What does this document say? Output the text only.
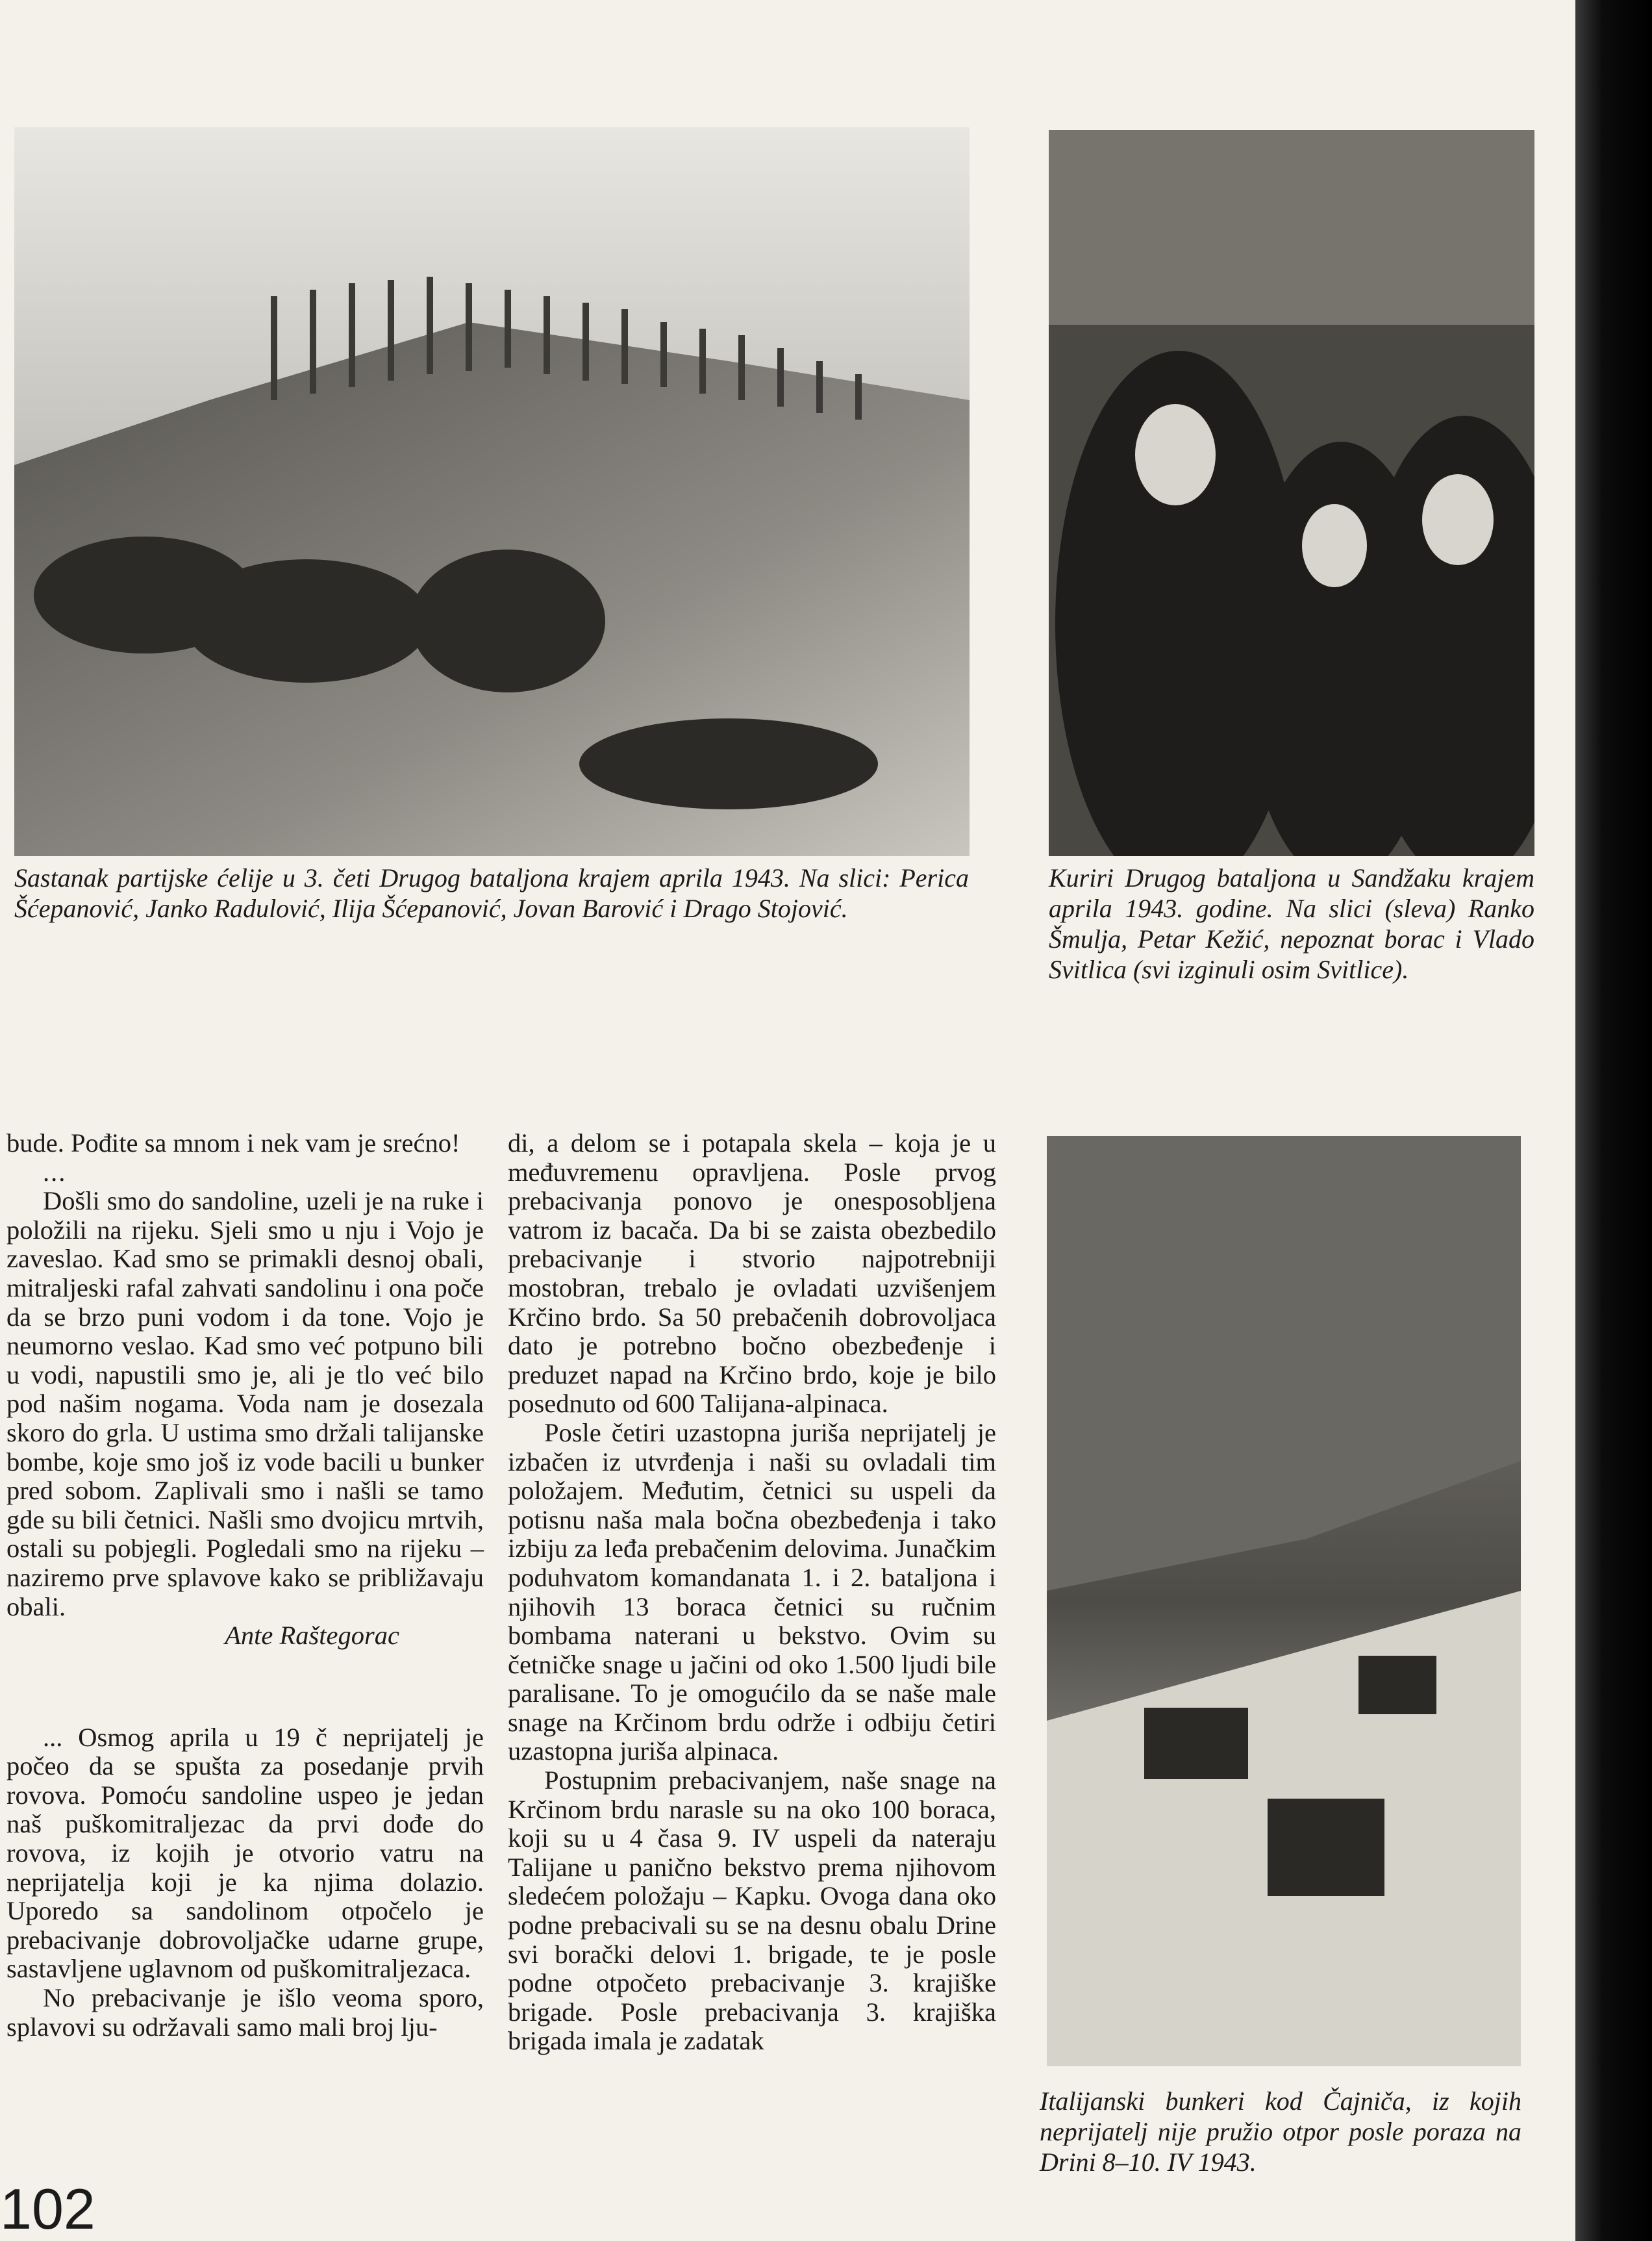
Sastanak partijske ćelije u 3. četi Drugog bataljona krajem aprila 1943. Na slici: Perica Šćepanović, Janko Radulović, Ilija Šćepanović, Jovan Barović i Drago Stojović.

Kuriri Drugog bataljona u Sandžaku krajem aprila 1943. godine. Na slici (sleva) Ranko Šmulja, Petar Kežić, nepoznat borac i Vlado Svitlica (svi izginuli osim Svitlice).

Italijanski bunkeri kod Čajniča, iz kojih neprijatelj nije pružio otpor posle poraza na Drini 8–10. IV 1943.

bude. Pođite sa mnom i nek vam je srećno!

...

Došli smo do sandoline, uzeli je na ruke i položili na rijeku. Sjeli smo u nju i Vojo je zaveslao. Kad smo se primakli desnoj obali, mitraljeski rafal zahvati sandolinu i ona poče da se brzo puni vodom i da tone. Vojo je neumorno veslao. Kad smo već potpuno bili u vodi, napustili smo je, ali je tlo već bilo pod našim nogama. Voda nam je dosezala skoro do grla. U ustima smo držali talijanske bombe, koje smo još iz vode bacili u bunker pred sobom. Zaplivali smo i našli se tamo gde su bili četnici. Našli smo dvojicu mrtvih, ostali su pobjegli. Pogledali smo na rijeku – naziremo prve splavove kako se približavaju obali.

Ante Raštegorac

... Osmog aprila u 19 č neprijatelj je počeo da se spušta za posedanje prvih rovova. Pomoću sandoline uspeo je jedan naš puškomitraljezac da prvi dođe do rovova, iz kojih je otvorio vatru na neprijatelja koji je ka njima dolazio. Uporedo sa sandolinom otpočelo je prebacivanje dobrovoljačke udarne grupe, sastavljene uglavnom od puškomitraljezaca.

No prebacivanje je išlo veoma sporo, splavovi su održavali samo mali broj lju-

di, a delom se i potapala skela – koja je u međuvremenu opravljena. Posle prvog prebacivanja ponovo je onesposobljena vatrom iz bacača. Da bi se zaista obezbedilo prebacivanje i stvorio najpotrebniji mostobran, trebalo je ovladati uzvišenjem Krčino brdo. Sa 50 prebačenih dobrovoljaca dato je potrebno bočno obezbeđenje i preduzet napad na Krčino brdo, koje je bilo posednuto od 600 Talijana-alpinaca.

Posle četiri uzastopna juriša neprijatelj je izbačen iz utvrđenja i naši su ovladali tim položajem. Međutim, četnici su uspeli da potisnu naša mala bočna obezbeđenja i tako izbiju za leđa prebačenim delovima. Junačkim poduhvatom komandanata 1. i 2. bataljona i njihovih 13 boraca četnici su ručnim bombama naterani u bekstvo. Ovim su četničke snage u jačini od oko 1.500 ljudi bile paralisane. To je omogućilo da se naše male snage na Krčinom brdu održe i odbiju četiri uzastopna juriša alpinaca.

Postupnim prebacivanjem, naše snage na Krčinom brdu narasle su na oko 100 boraca, koji su u 4 časa 9. IV uspeli da nateraju Talijane u panično bekstvo prema njihovom sledećem položaju – Kapku. Ovoga dana oko podne prebacivali su se na desnu obalu Drine svi borački delovi 1. brigade, te je posle podne otpočeto prebacivanje 3. krajiške brigade. Posle prebacivanja 3. krajiška brigada imala je zadatak

102
